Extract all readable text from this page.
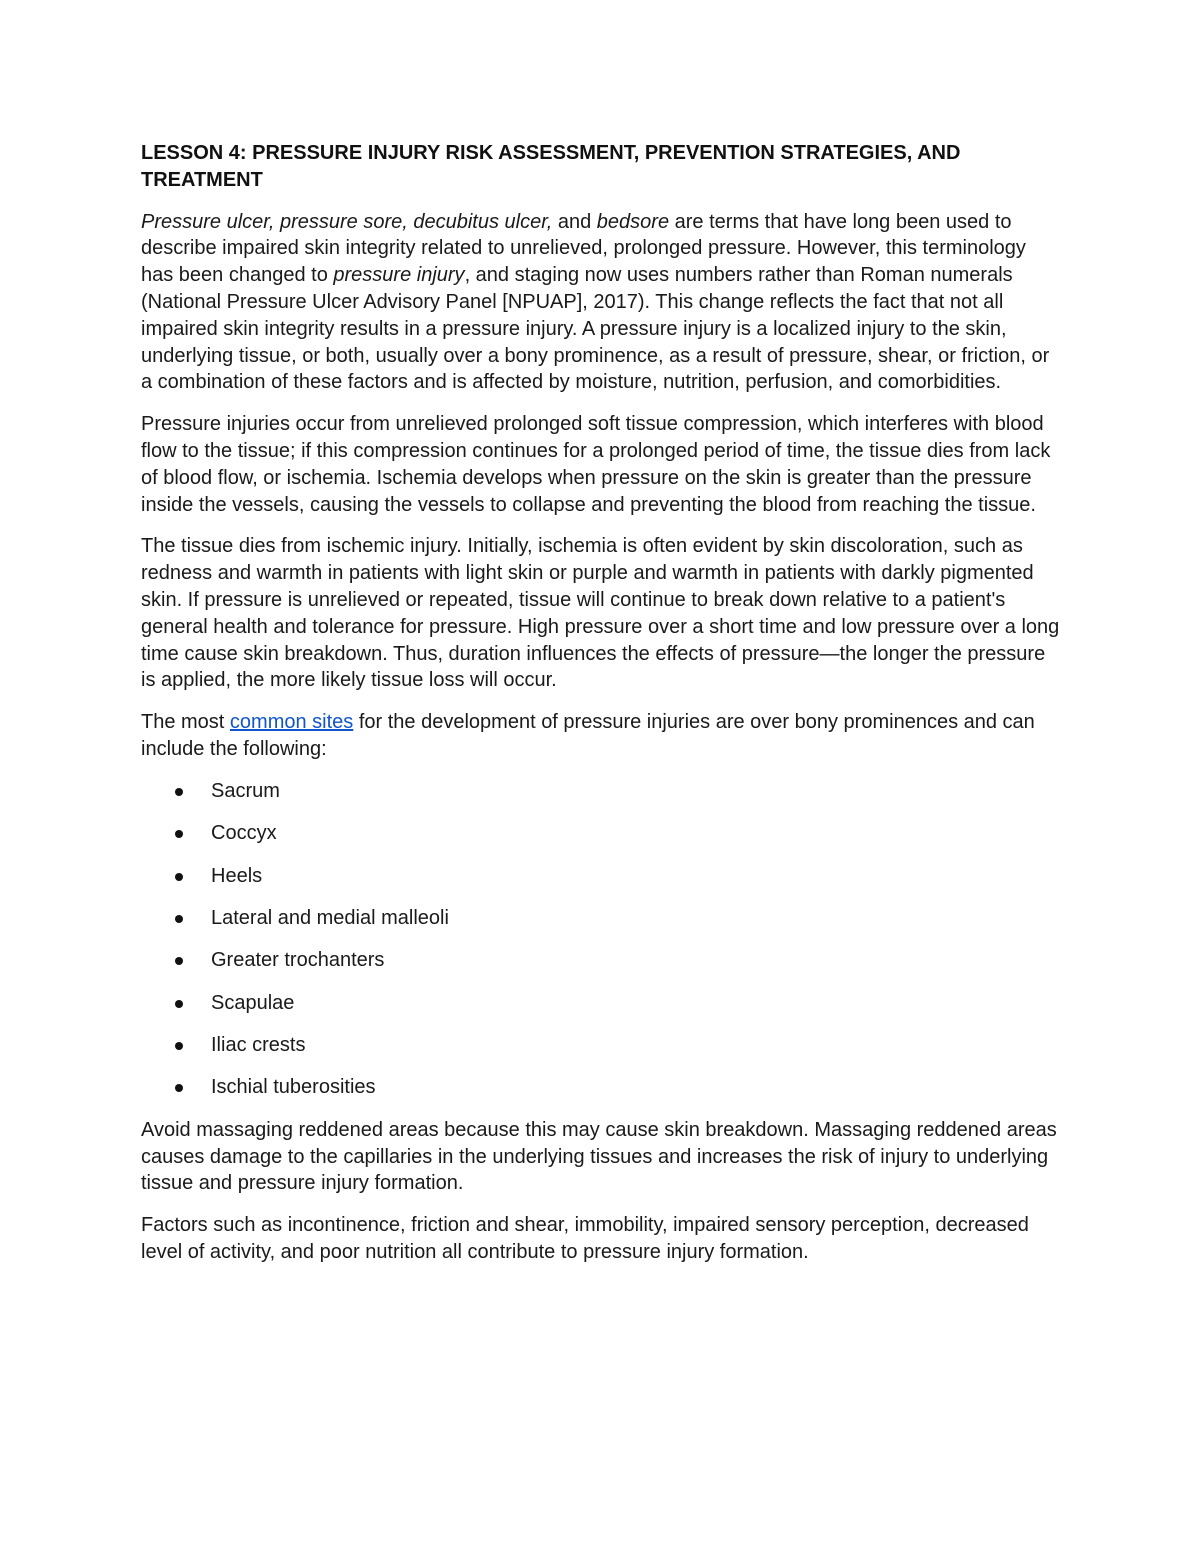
LESSON 4: PRESSURE INJURY RISK ASSESSMENT, PREVENTION STRATEGIES, AND TREATMENT

Pressure ulcer, pressure sore, decubitus ulcer, and bedsore are terms that have long been used to describe impaired skin integrity related to unrelieved, prolonged pressure. However, this terminology has been changed to pressure injury, and staging now uses numbers rather than Roman numerals (National Pressure Ulcer Advisory Panel [NPUAP], 2017). This change reflects the fact that not all impaired skin integrity results in a pressure injury. A pressure injury is a localized injury to the skin, underlying tissue, or both, usually over a bony prominence, as a result of pressure, shear, or friction, or a combination of these factors and is affected by moisture, nutrition, perfusion, and comorbidities.

Pressure injuries occur from unrelieved prolonged soft tissue compression, which interferes with blood flow to the tissue; if this compression continues for a prolonged period of time, the tissue dies from lack of blood flow, or ischemia. Ischemia develops when pressure on the skin is greater than the pressure inside the vessels, causing the vessels to collapse and preventing the blood from reaching the tissue.

The tissue dies from ischemic injury. Initially, ischemia is often evident by skin discoloration, such as redness and warmth in patients with light skin or purple and warmth in patients with darkly pigmented skin. If pressure is unrelieved or repeated, tissue will continue to break down relative to a patient's general health and tolerance for pressure. High pressure over a short time and low pressure over a long time cause skin breakdown. Thus, duration influences the effects of pressure—the longer the pressure is applied, the more likely tissue loss will occur.

The most common sites for the development of pressure injuries are over bony prominences and can include the following:

Sacrum
Coccyx
Heels
Lateral and medial malleoli
Greater trochanters
Scapulae
Iliac crests
Ischial tuberosities

Avoid massaging reddened areas because this may cause skin breakdown. Massaging reddened areas causes damage to the capillaries in the underlying tissues and increases the risk of injury to underlying tissue and pressure injury formation.

Factors such as incontinence, friction and shear, immobility, impaired sensory perception, decreased level of activity, and poor nutrition all contribute to pressure injury formation.
